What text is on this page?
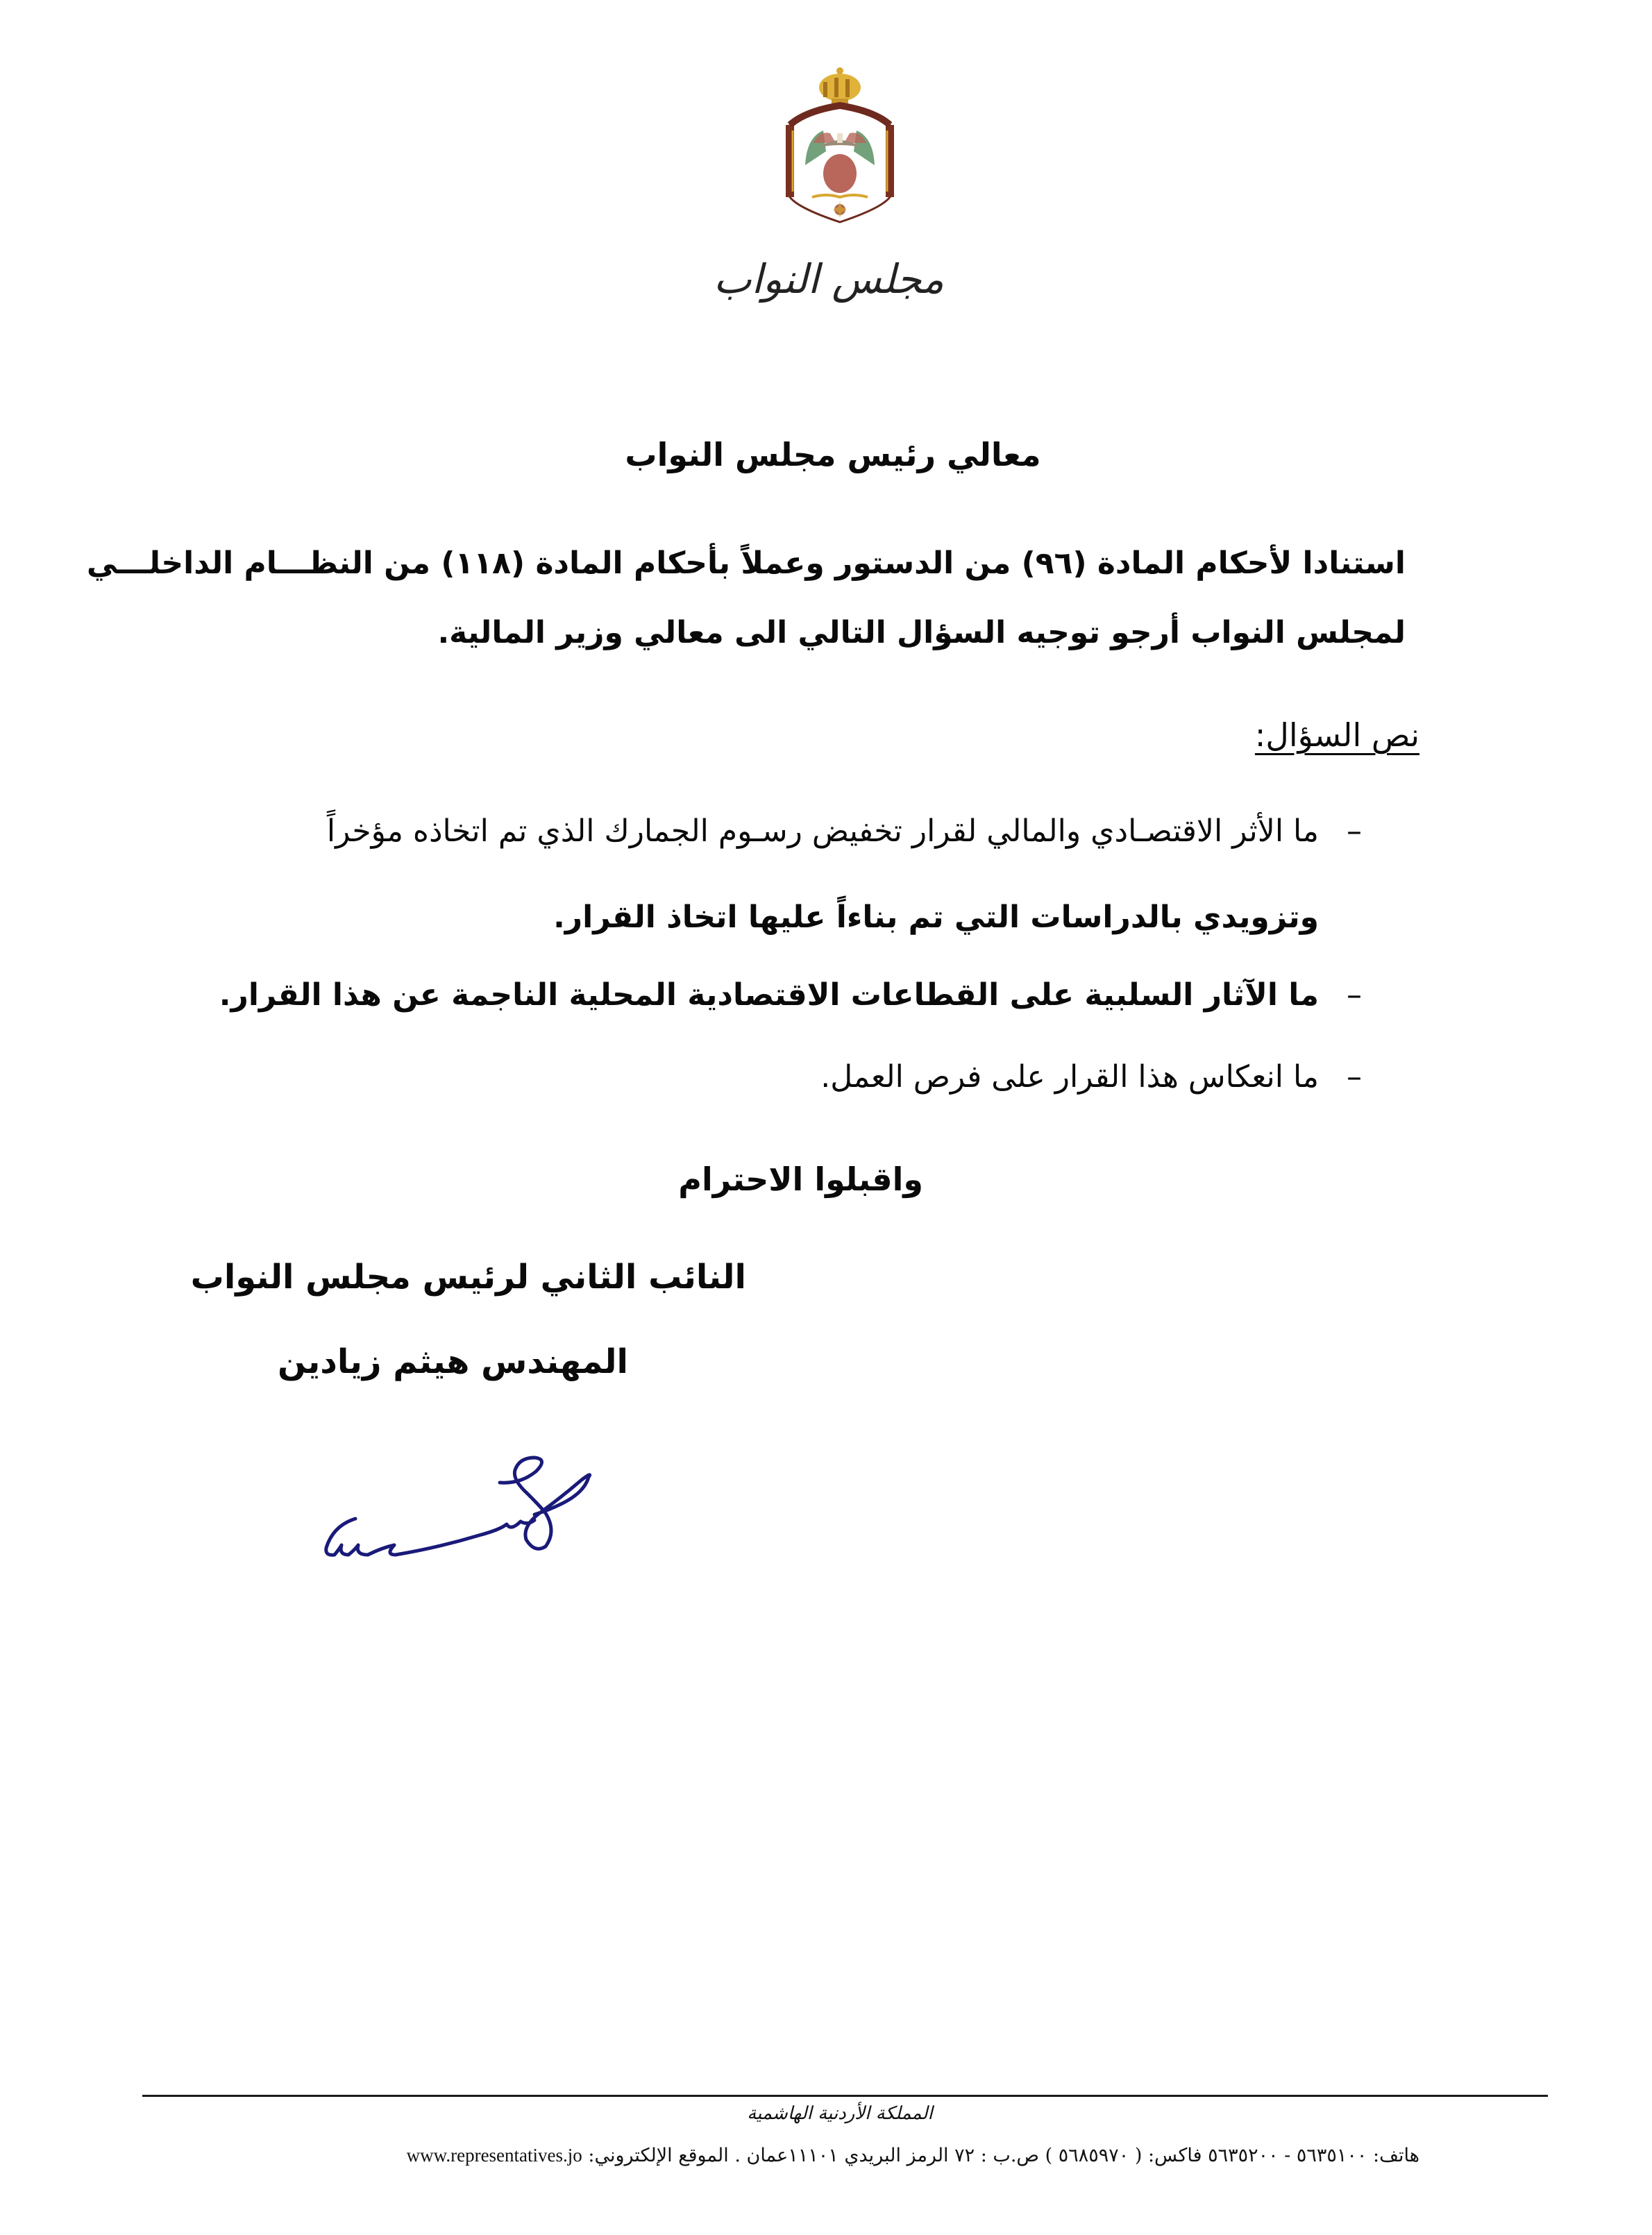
مجلس النواب
معالي رئيس مجلس النواب
استنادا لأحكام المادة (٩٦) من الدستور وعملاً بأحكام المادة (١١٨) من النظـــام الداخلـــي
لمجلس النواب أرجو توجيه السؤال التالي الى معالي وزير المالية.
نص السؤال:
–
ما الأثر الاقتصـادي والمالي لقرار تخفيض رسـوم الجمارك الذي تم اتخاذه مؤخراً
وتزويدي بالدراسات التي تم بناءاً عليها اتخاذ القرار.
–
ما الآثار السلبية على القطاعات الاقتصادية المحلية الناجمة عن هذا القرار.
–
ما انعكاس هذا القرار على فرص العمل.
واقبلوا الاحترام
النائب الثاني لرئيس مجلس النواب
المهندس هيثم زيادين
المملكة الأردنية الهاشمية
هاتف: ٥٦٣٥١٠٠ - ٥٦٣٥٢٠٠ فاكس: ( ٥٦٨٥٩٧٠ ) ص.ب : ٧٢ الرمز البريدي ١١١٠١عمان . الموقع الإلكتروني: www.representatives.jo
